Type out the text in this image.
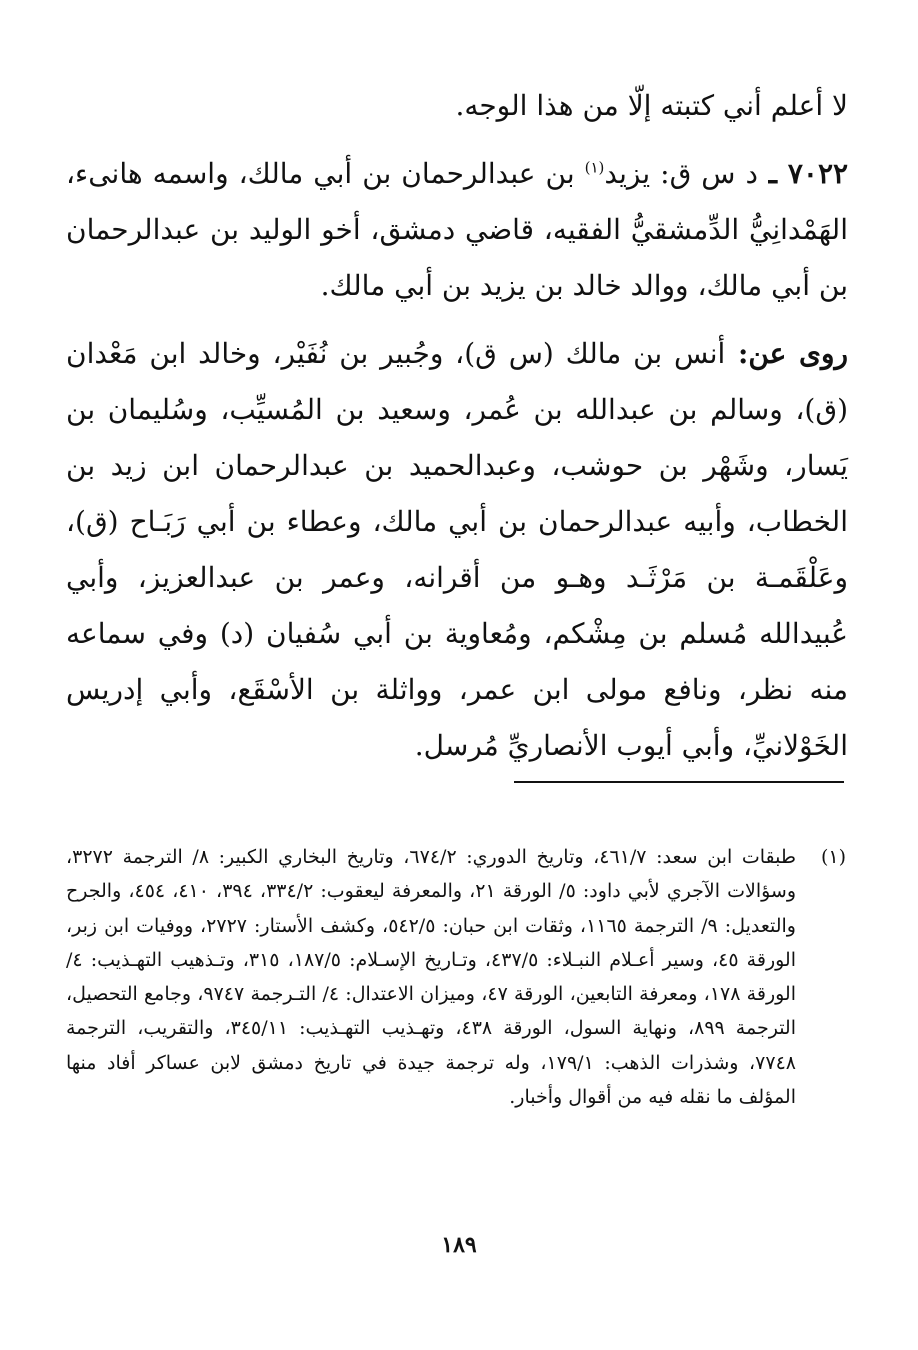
لا أعلم أني كتبته إلّا من هذا الوجه.

٧٠٢٢ ـ د س ق: يزيد$^{(١)}$ بن عبدالرحمان بن أبي مالك، واسمه هانىء، الهَمْدانِيُّ الدِّمشقيُّ الفقيه، قاضي دمشق، أخو الوليد بن عبدالرحمان بن أبي مالك، ووالد خالد بن يزيد بن أبي مالك.

روى عن: أنس بن مالك (س ق)، وجُبير بن نُفَيْر، وخالد ابن مَعْدان (ق)، وسالم بن عبدالله بن عُمر، وسعيد بن المُسيِّب، وسُليمان بن يَسار، وشَهْر بن حوشب، وعبدالحميد بن عبدالرحمان ابن زيد بن الخطاب، وأبيه عبدالرحمان بن أبي مالك، وعطاء بن أبي رَبَـاح (ق)، وعَلْقَمـة بن مَرْثَـد وهـو من أقرانه، وعمر بن عبدالعزيز، وأبي عُبيدالله مُسلم بن مِشْكم، ومُعاوية بن أبي سُفيان (د) وفي سماعه منه نظر، ونافع مولى ابن عمر، وواثلة بن الأسْقَع، وأبي إدريس الخَوْلانيِّ، وأبي أيوب الأنصاريِّ مُرسل.

(١)
طبقات ابن سعد: ٤٦١/٧، وتاريخ الدوري: ٦٧٤/٢، وتاريخ البخاري الكبير: ٨/ الترجمة ٣٢٧٢، وسؤالات الآجري لأبي داود: ٥/ الورقة ٢١، والمعرفة ليعقوب: ٣٣٤/٢، ٣٩٤، ٤١٠، ٤٥٤، والجرح والتعديل: ٩/ الترجمة ١١٦٥، وثقات ابن حبان: ٥٤٢/٥، وكشف الأستار: ٢٧٢٧، ووفيات ابن زبر، الورقة ٤٥، وسير أعـلام النبـلاء: ٤٣٧/٥، وتـاريخ الإسـلام: ١٨٧/٥، ٣١٥، وتـذهيب التهـذيب: ٤/ الورقة ١٧٨، ومعرفة التابعين، الورقة ٤٧، وميزان الاعتدال: ٤/ التـرجمة ٩٧٤٧، وجامع التحصيل، الترجمة ٨٩٩، ونهاية السول، الورقة ٤٣٨، وتهـذيب التهـذيب: ٣٤٥/١١، والتقريب، الترجمة ٧٧٤٨، وشذرات الذهب: ١٧٩/١، وله ترجمة جيدة في تاريخ دمشق لابن عساكر أفاد منها المؤلف ما نقله فيه من أقوال وأخبار.
١٨٩
